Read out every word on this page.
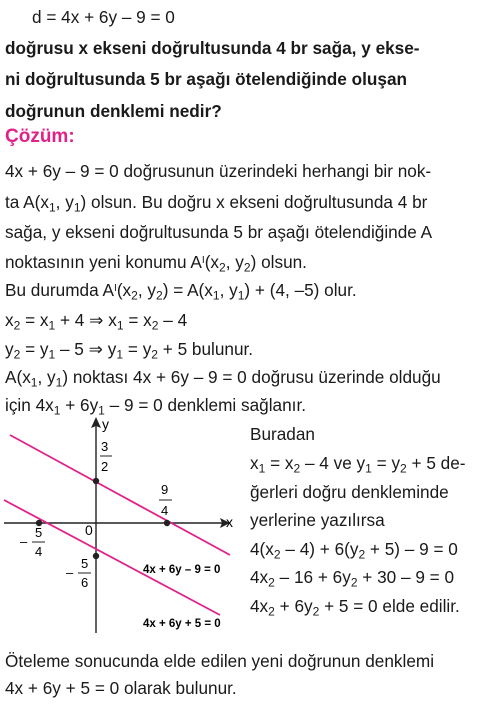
d = 4x + 6y – 9 = 0
doğrusu x ekseni doğrultusunda 4 br sağa, y ekse-
ni doğrultusunda 5 br aşağı ötelendiğinde oluşan
doğrunun denklemi nedir?
Çözüm:
4x + 6y – 9 = 0 doğrusunun üzerindeki herhangi bir nok-
ta $A(x_1$, $y_1$) olsun. Bu doğru x ekseni doğrultusunda 4 br
sağa, y ekseni doğrultusunda 5 br aşağı ötelendiğinde A
noktasının yeni konumu $A^I(x_2$, $y_2$) olsun.
Bu durumda $A^I(x_2$, $y_2) = A(x_1$, $y_1) + (4$, –5) olur.
$x_2 = x_1 + 4$ ⇒ $x_1 = x_2 - 4$
$y_2 = y_1 - 5$ ⇒ $y_1 = y_2 + 5$ bulunur.
$A(x_1$, $y_1$) noktası 4x + 6y – 9 = 0 doğrusu üzerinde olduğu
için $4x_1 + 6y_1 - 9 = 0$ denklemi sağlanır.
Buradan
$x_1 = x_2 - 4$ ve $y_1 = y_2 + 5$ de-
ğerleri doğru denkleminde
yerlerine yazılırsa
$4(x_2 - 4) + 6(y_2 + 5) - 9 = 0$
$4x_2 - 16 + 6y_2 + 30 - 9 = 0$
$4x_2 + 6y_2 + 5 = 0$ elde edilir.
x
y
0
3
2
9
4
5
–
4
5
–
6
4x + 6y – 9 = 0
4x + 6y + 5 = 0
Öteleme sonucunda elde edilen yeni doğrunun denklemi
4x + 6y + 5 = 0 olarak bulunur.
